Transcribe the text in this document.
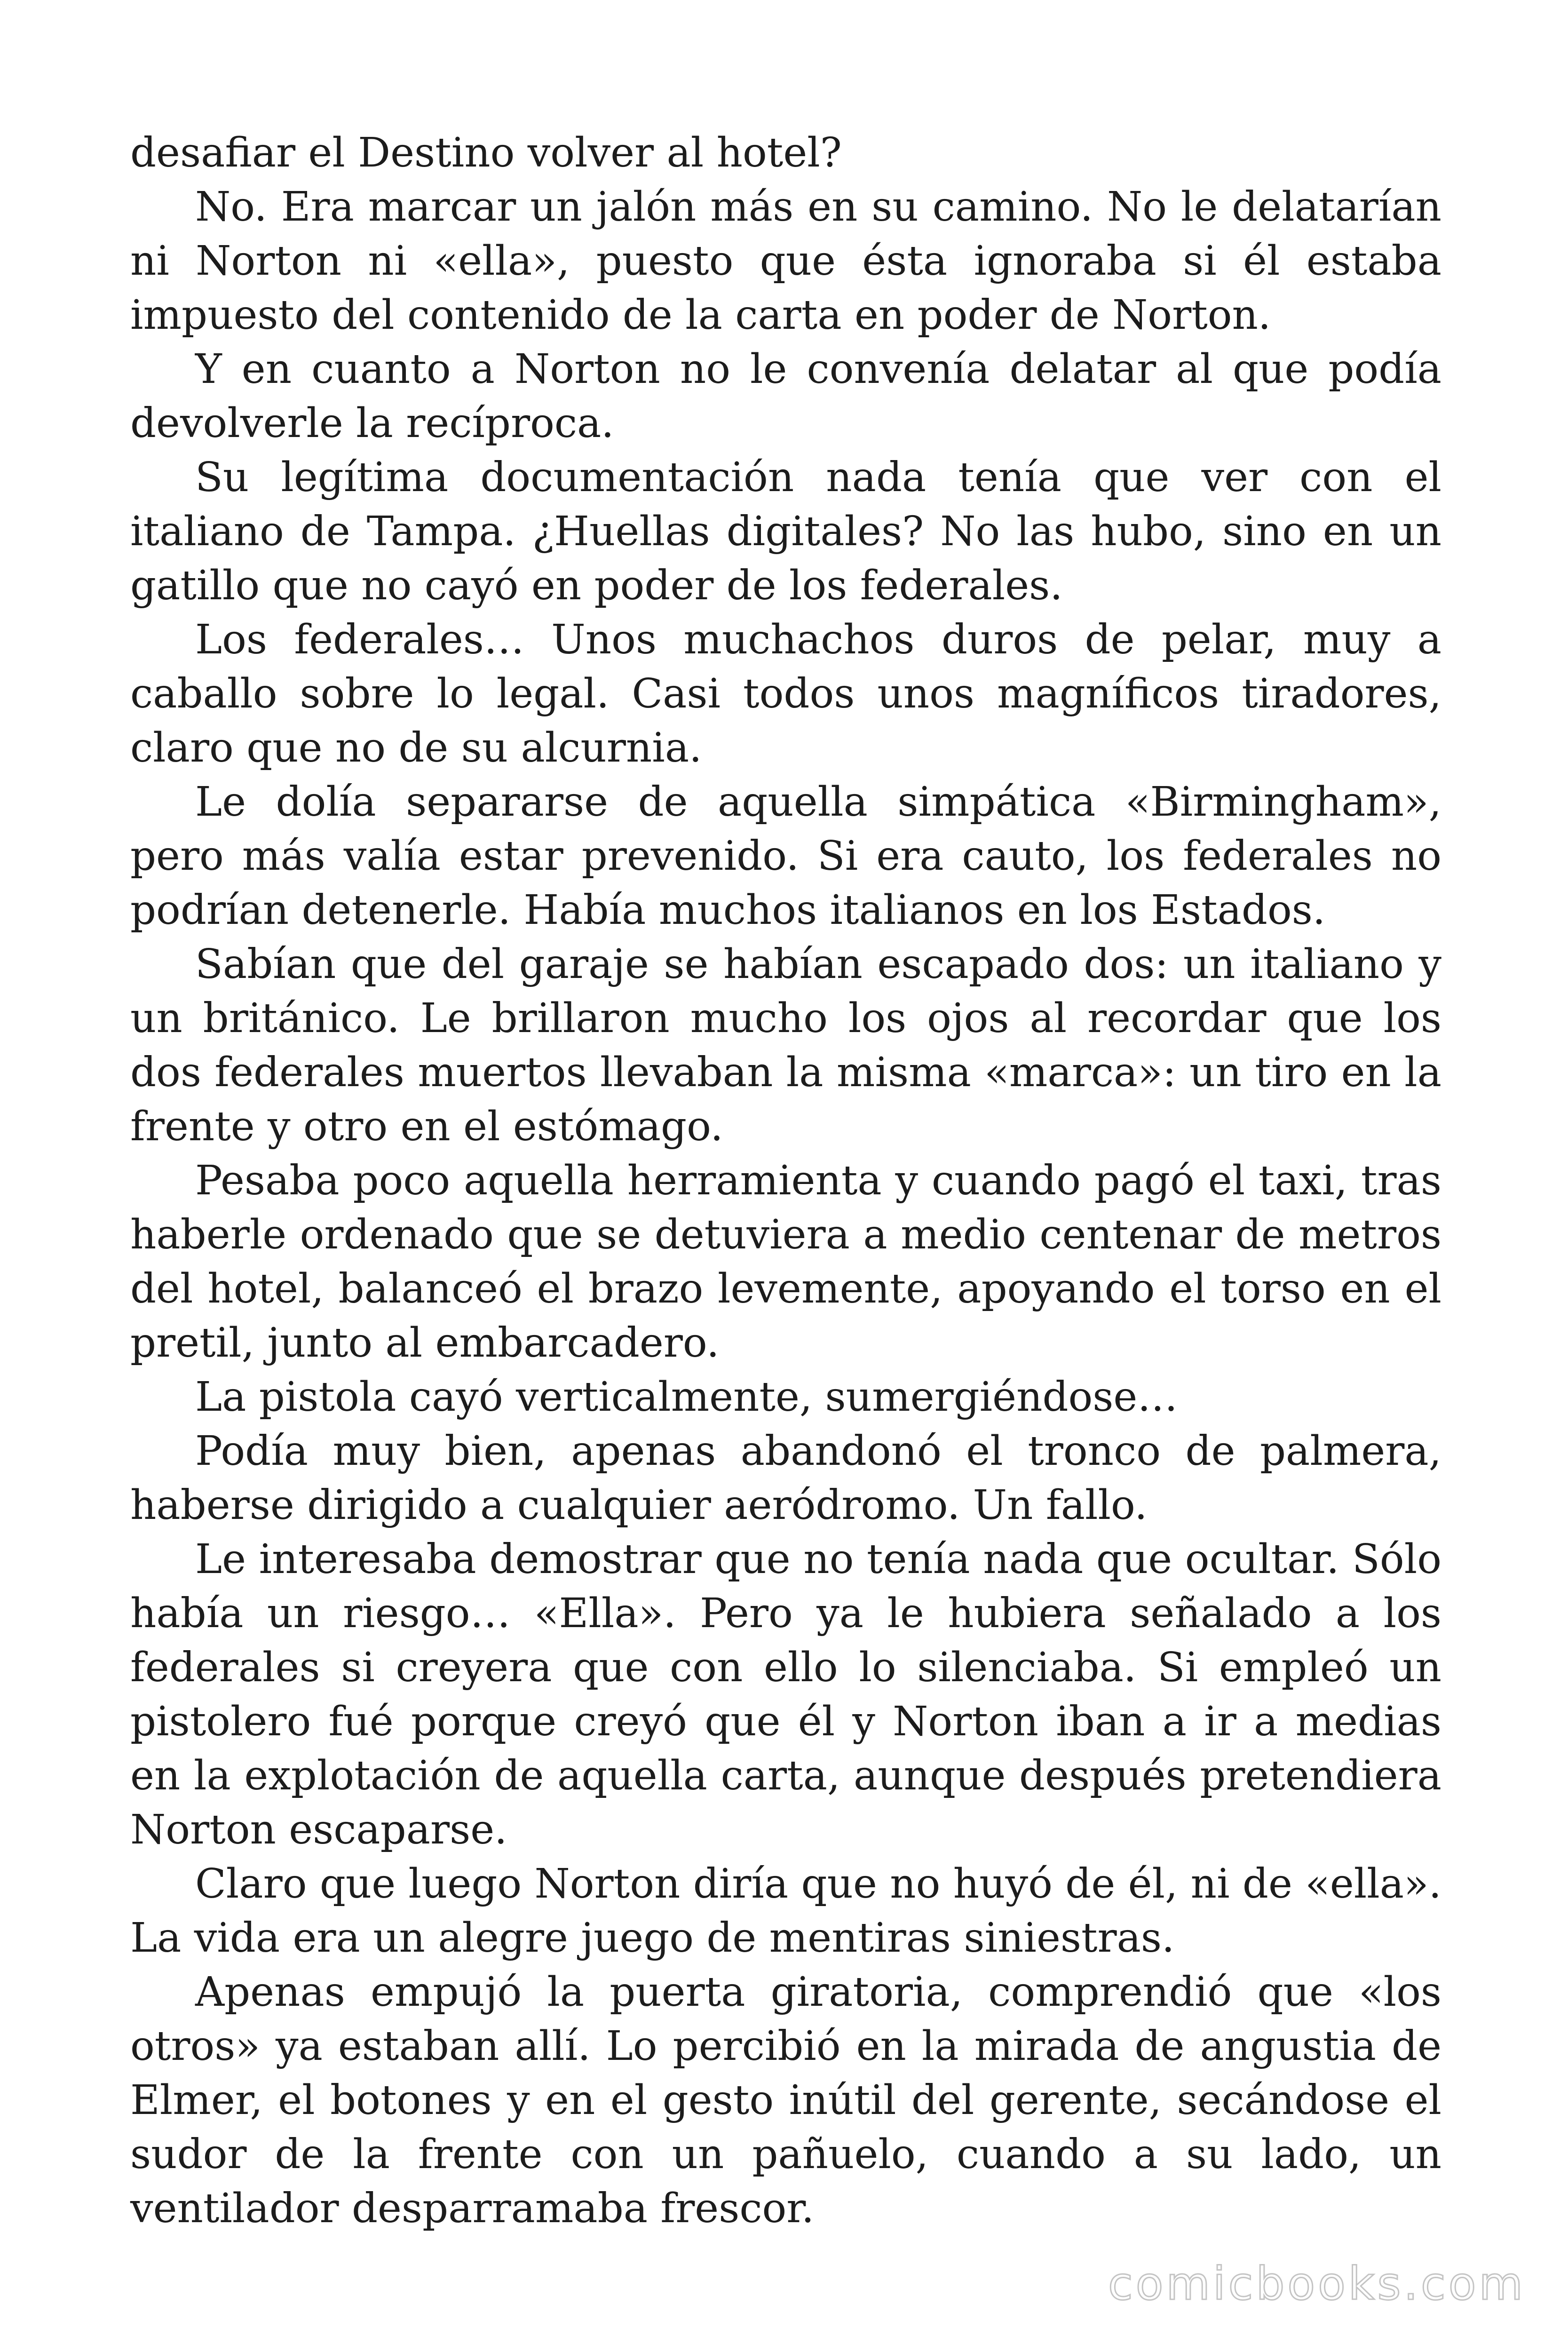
desafiar el Destino volver al hotel?

No. Era marcar un jalón más en su camino. No le delatarían ni Norton ni «ella», puesto que ésta ignoraba si él estaba impuesto del contenido de la carta en poder de Norton.

Y en cuanto a Norton no le convenía delatar al que podía devolverle la recíproca.

Su legítima documentación nada tenía que ver con el italiano de Tampa. ¿Huellas digitales? No las hubo, sino en un gatillo que no cayó en poder de los federales.

Los federales… Unos muchachos duros de pelar, muy a caballo sobre lo legal. Casi todos unos magníficos tiradores, claro que no de su alcurnia.

Le dolía separarse de aquella simpática «Birmingham», pero más valía estar prevenido. Si era cauto, los federales no podrían detenerle. Había muchos italianos en los Estados.

Sabían que del garaje se habían escapado dos: un italiano y un británico. Le brillaron mucho los ojos al recordar que los dos federales muertos llevaban la misma «marca»: un tiro en la frente y otro en el estómago.

Pesaba poco aquella herramienta y cuando pagó el taxi, tras haberle ordenado que se detuviera a medio centenar de metros del hotel, balanceó el brazo levemente, apoyando el torso en el pretil, junto al embarcadero.

La pistola cayó verticalmente, sumergiéndose…

Podía muy bien, apenas abandonó el tronco de palmera, haberse dirigido a cualquier aeródromo. Un fallo.

Le interesaba demostrar que no tenía nada que ocultar. Sólo había un riesgo… «Ella». Pero ya le hubiera señalado a los federales si creyera que con ello lo silenciaba. Si empleó un pistolero fué porque creyó que él y Norton iban a ir a medias en la explotación de aquella carta, aunque después pretendiera Norton escaparse.

Claro que luego Norton diría que no huyó de él, ni de «ella». La vida era un alegre juego de mentiras siniestras.

Apenas empujó la puerta giratoria, comprendió que «los otros» ya estaban allí. Lo percibió en la mirada de angustia de Elmer, el botones y en el gesto inútil del gerente, secándose el sudor de la frente con un pañuelo, cuando a su lado, un ventilador desparramaba frescor.

comicbooks.com
